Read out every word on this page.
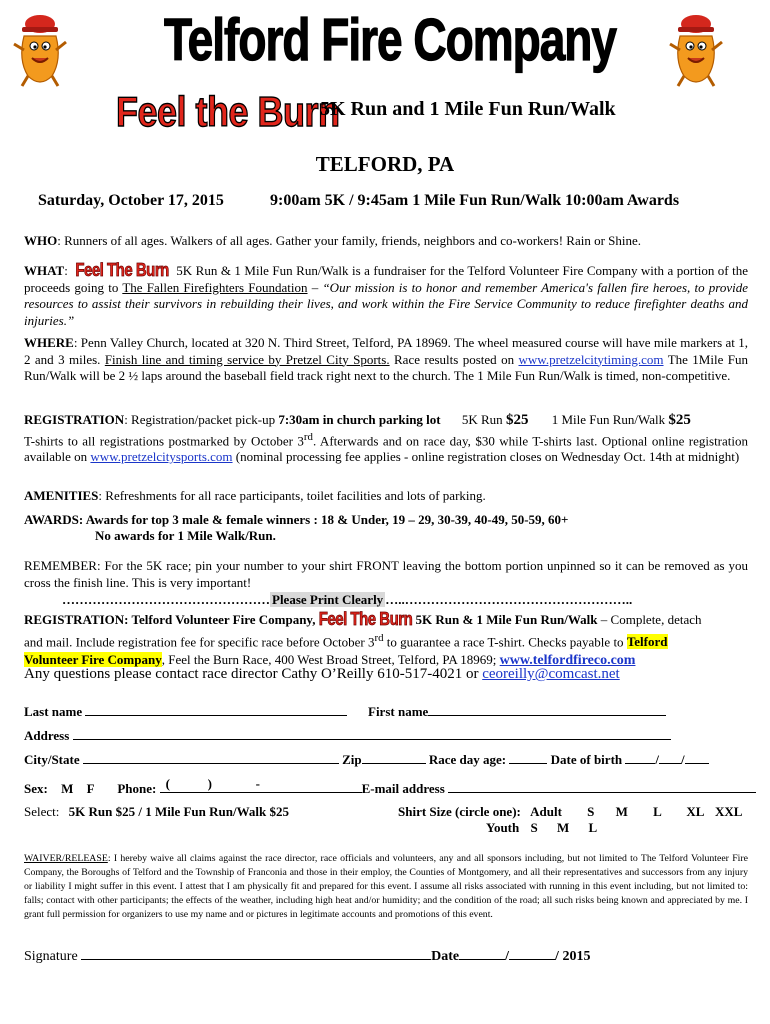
Telford Fire Company
Feel the Burn
5K Run and 1 Mile Fun Run/Walk
TELFORD, PA
Saturday, October 17, 2015	9:00am 5K / 9:45am 1 Mile Fun Run/Walk 10:00am Awards
WHO: Runners of all ages. Walkers of all ages. Gather your family, friends, neighbors and co-workers! Rain or Shine.
WHAT: Feel The Burn 5K Run & 1 Mile Fun Run/Walk is a fundraiser for the Telford Volunteer Fire Company with a portion of the proceeds going to The Fallen Firefighters Foundation – “Our mission is to honor and remember America's fallen fire heroes, to provide resources to assist their survivors in rebuilding their lives, and work within the Fire Service Community to reduce firefighter deaths and injuries.”
WHERE: Penn Valley Church, located at 320 N. Third Street, Telford, PA 18969. The wheel measured course will have mile markers at 1, 2 and 3 miles. Finish line and timing service by Pretzel City Sports. Race results posted on www.pretzelcitytiming.com The 1Mile Fun Run/Walk will be 2 ½ laps around the baseball field track right next to the church. The 1 Mile Fun Run/Walk is timed, non-competitive.
REGISTRATION: Registration/packet pick-up 7:30am in church parking lot 5K Run $25 1 Mile Fun Run/Walk $25
T-shirts to all registrations postmarked by October 3rd. Afterwards and on race day, $30 while T-shirts last. Optional online registration available on www.pretzelcitysports.com (nominal processing fee applies - online registration closes on Wednesday Oct. 14th at midnight)
AMENITIES: Refreshments for all race participants, toilet facilities and lots of parking.
AWARDS: Awards for top 3 male & female winners : 18 & Under, 19 – 29, 30-39, 40-49, 50-59, 60+
No awards for 1 Mile Walk/Run.
REMEMBER: For the 5K race; pin your number to your shirt FRONT leaving the bottom portion unpinned so it can be removed as you cross the finish line. This is very important!
………………………………………… Please Print Clearly …..……………………………………………..
REGISTRATION: Telford Volunteer Fire Company, Feel The Burn 5K Run & 1 Mile Fun Run/Walk – Complete, detach
and mail. Include registration fee for specific race before October 3rd to guarantee a race T-shirt. Checks payable to Telford
Volunteer Fire Company, Feel the Burn Race, 400 West Broad Street, Telford, PA 18969; www.telfordfireco.com
Any questions please contact race director Cathy O’Reilly 610-517-4021 or ceoreilly@comcast.net
Last name	First name
Address
City/State	Zip	Race day age:	Date of birth	/ /
Sex: M F Phone: (	)	-	E-mail address
Select: 5K Run $25 / 1 Mile Fun Run/Walk $25	Shirt Size (circle one): Adult S M L XL XXL
Youth S M L
WAIVER/RELEASE: I hereby waive all claims against the race director, race officials and volunteers, any and all sponsors including, but not limited to The Telford Volunteer Fire Company, the Boroughs of Telford and the Township of Franconia and those in their employ, the Counties of Montgomery, and all their representatives and successors from any injury or liability I might suffer in this event. I attest that I am physically fit and prepared for this event. I assume all risks associated with running in this event including, but not limited to: falls; contact with other participants; the effects of the weather, including high heat and/or humidity; and the condition of the road; all such risks being known and appreciated by me. I grant full permission for organizers to use my name and or pictures in legitimate accounts and promotions of this event.
Signature	Date	/	/ 2015
